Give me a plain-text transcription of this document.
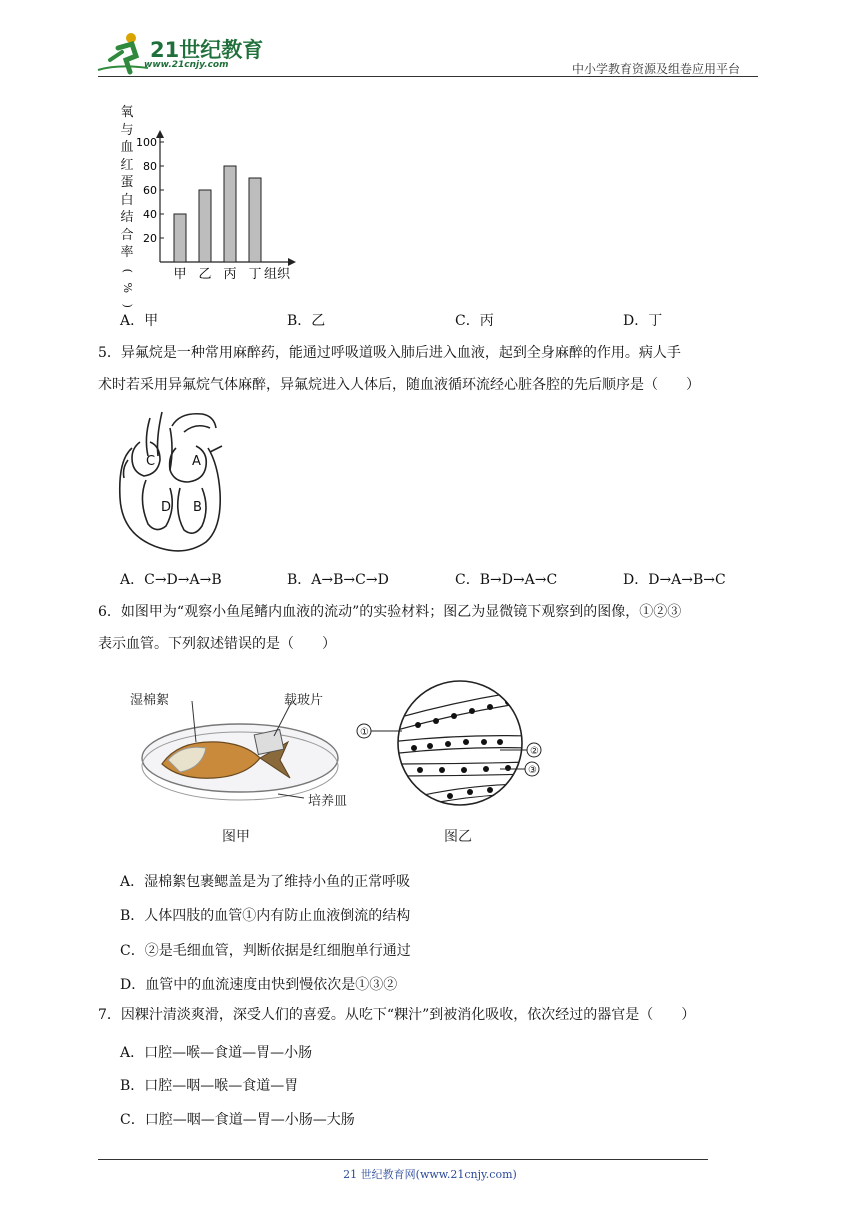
21世纪教育
www.21cnjy.com	中小学教育资源及组卷应用平台
氧
与
血
红
蛋
白
结
合
率
(
%
)
20
40
60
80
100
甲 乙 丙 丁 组织
A．甲	B．乙	C．丙	D．丁
5．异氟烷是一种常用麻醉药，能通过呼吸道吸入肺后进入血液，起到全身麻醉的作用。病人手
术时若采用异氟烷气体麻醉，异氟烷进入人体后，随血液循环流经心脏各腔的先后顺序是（　　）
C	A
D B
A．C→D→A→B	B．A→B→C→D	C．B→D→A→C	D．D→A→B→C
6．如图甲为“观察小鱼尾鳍内血液的流动”的实验材料；图乙为显微镜下观察到的图像，①②③
表示血管。下列叙述错误的是（　　）
湿棉絮	载玻片
培养皿
图甲
①
②
③
图乙
A．湿棉絮包裹鳃盖是为了维持小鱼的正常呼吸
B．人体四肢的血管①内有防止血液倒流的结构
C．②是毛细血管，判断依据是红细胞单行通过
D．血管中的血流速度由快到慢依次是①③②
7．因粿汁清淡爽滑，深受人们的喜爱。从吃下“粿汁”到被消化吸收，依次经过的器官是（　　）
A．口腔—喉—食道—胃—小肠
B．口腔—咽—喉—食道—胃
C．口腔—咽—食道—胃—小肠—大肠
21 世纪教育网(www.21cnjy.com)
